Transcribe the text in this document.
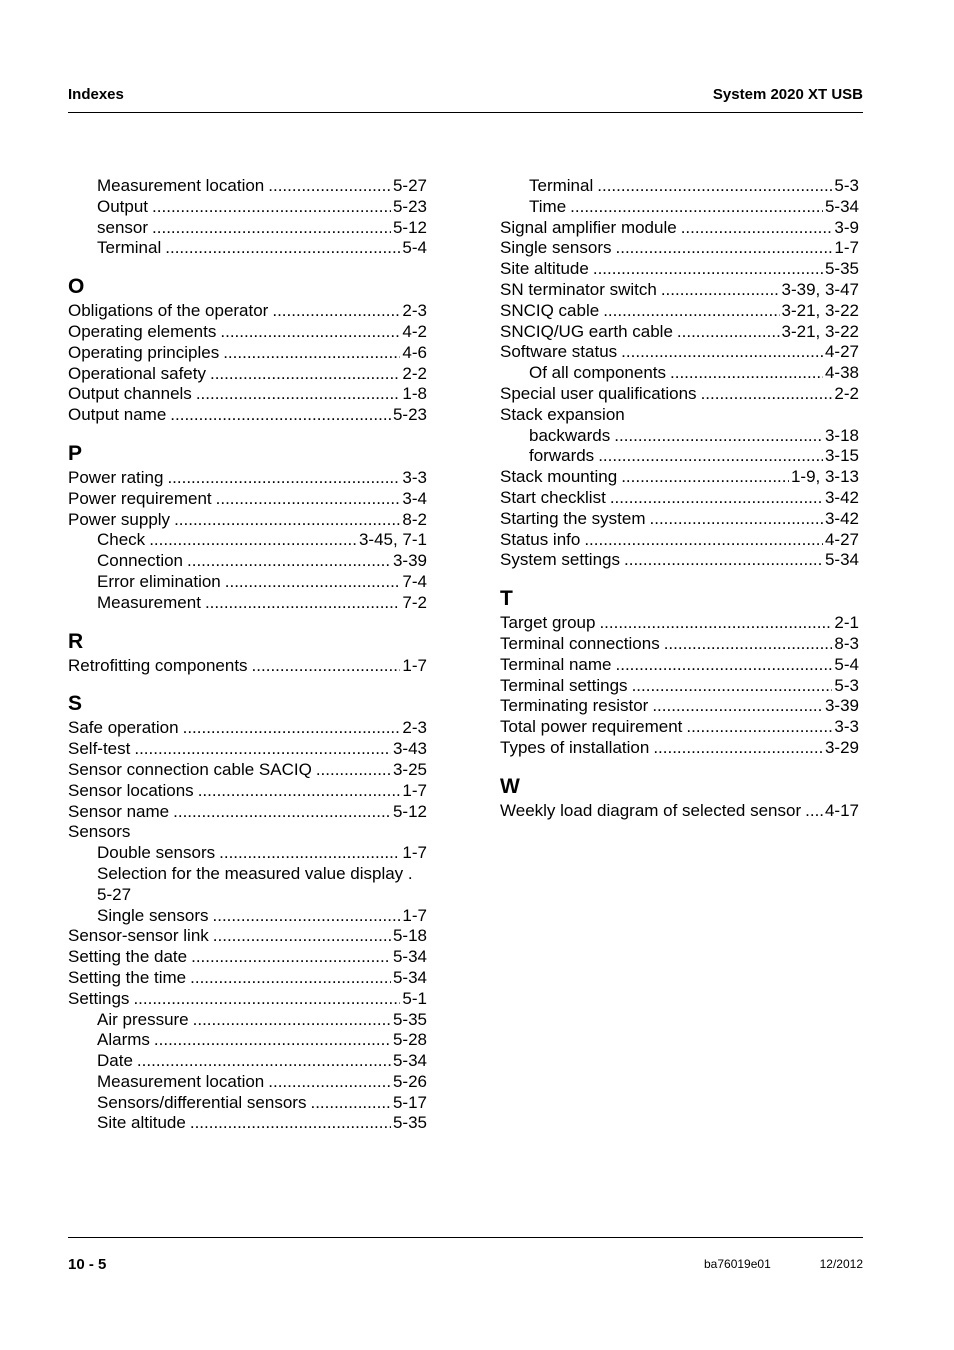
Indexes	System 2020 XT USB
Measurement location .....	5-27
Output .....	5-23
sensor .....	5-12
Terminal .....	5-4
O
Obligations of the operator .....	2-3
Operating elements .....	4-2
Operating principles .....	4-6
Operational safety .....	2-2
Output channels .....	1-8
Output name .....	5-23
P
Power rating .....	3-3
Power requirement .....	3-4
Power supply .....	8-2
Check .....	3-45, 7-1
Connection .....	3-39
Error elimination .....	7-4
Measurement .....	7-2
R
Retrofitting components .....	1-7
S
Safe operation .....	2-3
Self-test .....	3-43
Sensor connection cable SACIQ .....	3-25
Sensor locations .....	1-7
Sensor name .....	5-12
Sensors
Double sensors .....	1-7
Selection for the measured value display . 5-27
Single sensors .....	1-7
Sensor-sensor link .....	5-18
Setting the date .....	5-34
Setting the time .....	5-34
Settings .....	5-1
Air pressure .....	5-35
Alarms .....	5-28
Date .....	5-34
Measurement location .....	5-26
Sensors/differential sensors .....	5-17
Site altitude .....	5-35
Terminal .....	5-3
Time .....	5-34
Signal amplifier module .....	3-9
Single sensors .....	1-7
Site altitude .....	5-35
SN terminator switch .....	3-39, 3-47
SNCIQ cable .....	3-21, 3-22
SNCIQ/UG earth cable .....	3-21, 3-22
Software status .....	4-27
Of all components .....	4-38
Special user qualifications .....	2-2
Stack expansion
backwards .....	3-18
forwards .....	3-15
Stack mounting .....	1-9, 3-13
Start checklist .....	3-42
Starting the system .....	3-42
Status info .....	4-27
System settings .....	5-34
T
Target group .....	2-1
Terminal connections .....	8-3
Terminal name .....	5-4
Terminal settings .....	5-3
Terminating resistor .....	3-39
Total power requirement .....	3-3
Types of installation .....	3-29
W
Weekly load diagram of selected sensor ..... 4-17
10 - 5	ba76019e01	12/2012
